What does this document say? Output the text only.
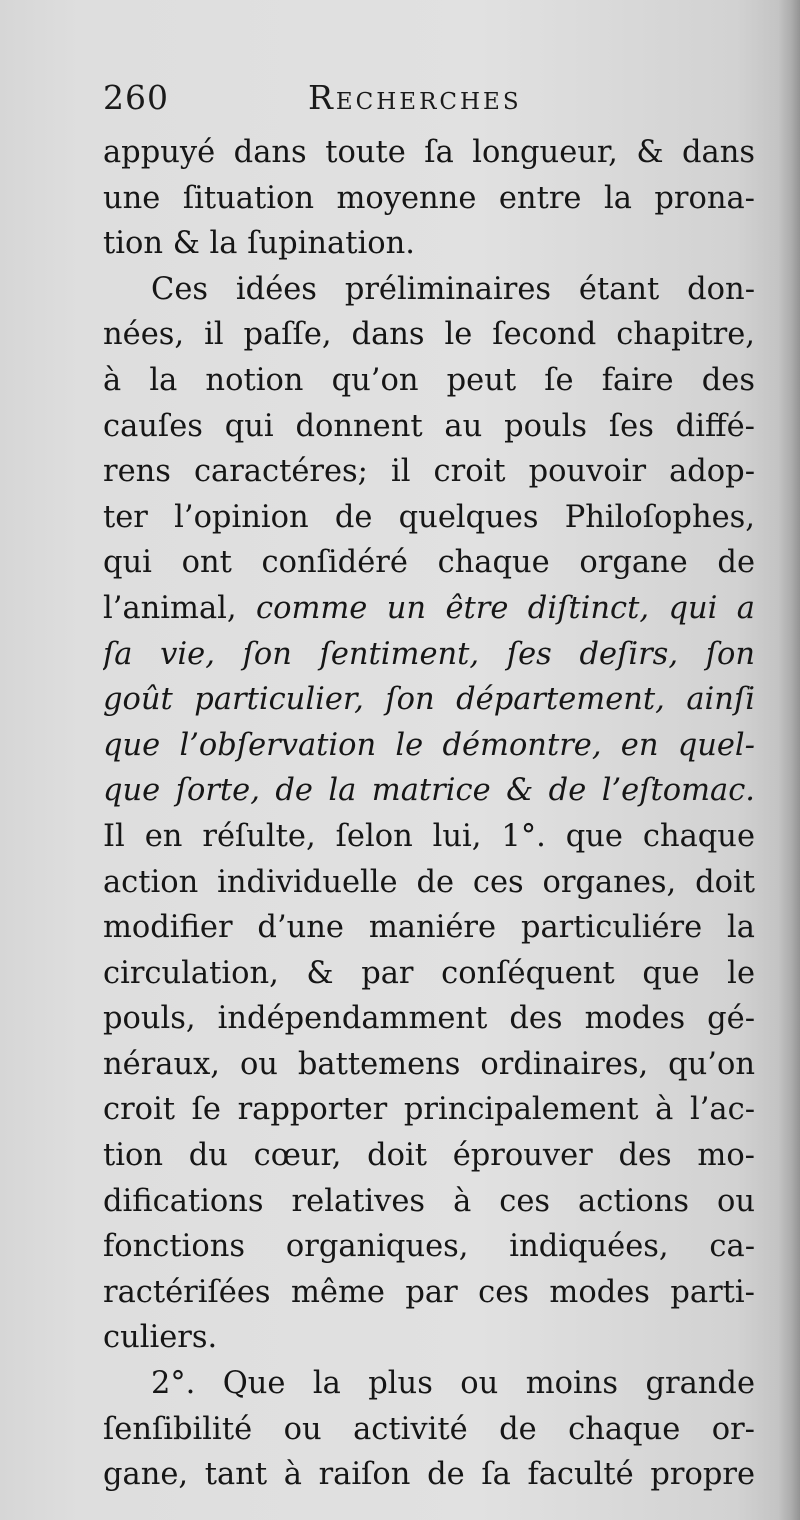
260	Recherches
appuyé dans toute ſa longueur, & dans
une ſituation moyenne entre la prona-
tion & la ſupination.
Ces idées préliminaires étant don-
nées, il paſſe, dans le ſecond chapitre,
à la notion qu’on peut ſe faire des
cauſes qui donnent au pouls ſes diffé-
rens caractéres; il croit pouvoir adop-
ter l’opinion de quelques Philoſophes,
qui ont conſidéré chaque organe de
l’animal, comme un être diſtinct, qui a
ſa vie, ſon ſentiment, ſes deſirs, ſon
goût particulier, ſon département, ainſi
que l’obſervation le démontre, en quel-
que ſorte, de la matrice & de l’eſtomac.
Il en réſulte, ſelon lui, 1°. que chaque
action individuelle de ces organes, doit
modifier d’une maniére particuliére la
circulation, & par conſéquent que le
pouls, indépendamment des modes gé-
néraux, ou battemens ordinaires, qu’on
croit ſe rapporter principalement à l’ac-
tion du cœur, doit éprouver des mo-
difications relatives à ces actions ou
fonctions organiques, indiquées, ca-
ractériſées même par ces modes parti-
culiers.
2°. Que la plus ou moins grande
ſenſibilité ou activité de chaque or-
gane, tant à raiſon de ſa faculté propre
